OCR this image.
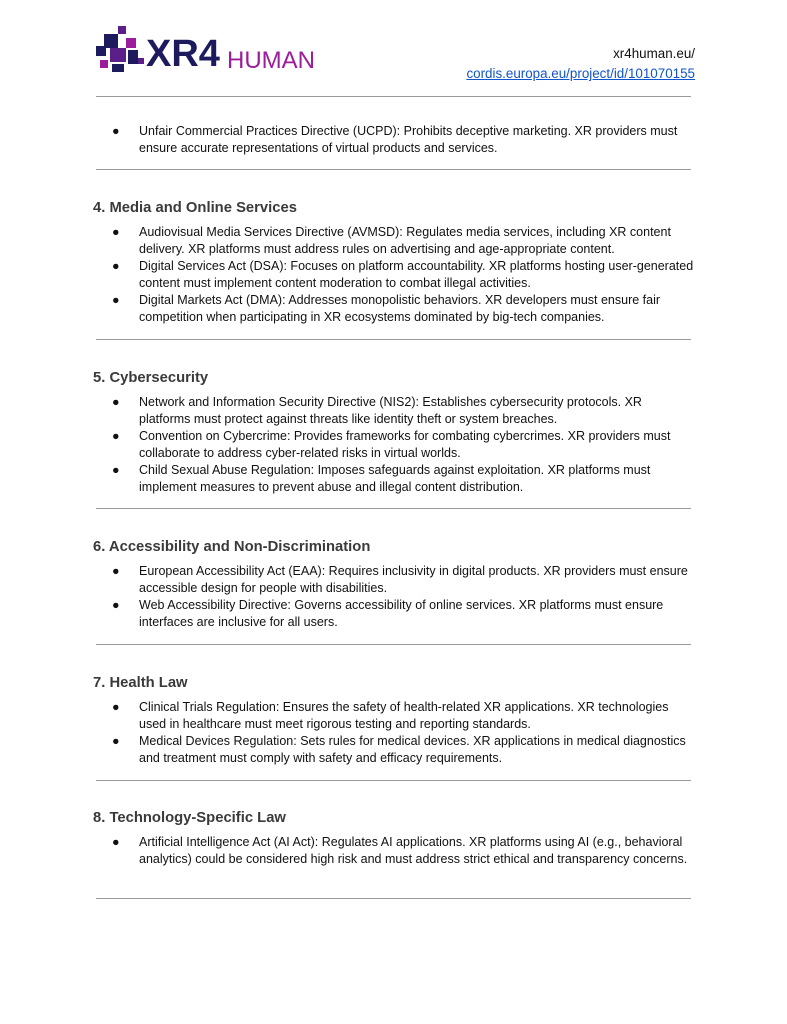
XR4 HUMAN	xr4human.eu/
cordis.europa.eu/project/id/101070155
● Unfair Commercial Practices Directive (UCPD): Prohibits deceptive marketing. XR providers must ensure accurate representations of virtual products and services.
4. Media and Online Services
● Audiovisual Media Services Directive (AVMSD): Regulates media services, including XR content delivery. XR platforms must address rules on advertising and age-appropriate content.
● Digital Services Act (DSA): Focuses on platform accountability. XR platforms hosting user-generated content must implement content moderation to combat illegal activities.
● Digital Markets Act (DMA): Addresses monopolistic behaviors. XR developers must ensure fair competition when participating in XR ecosystems dominated by big-tech companies.
5. Cybersecurity
● Network and Information Security Directive (NIS2): Establishes cybersecurity protocols. XR platforms must protect against threats like identity theft or system breaches.
● Convention on Cybercrime: Provides frameworks for combating cybercrimes. XR providers must collaborate to address cyber-related risks in virtual worlds.
● Child Sexual Abuse Regulation: Imposes safeguards against exploitation. XR platforms must implement measures to prevent abuse and illegal content distribution.
6. Accessibility and Non-Discrimination
● European Accessibility Act (EAA): Requires inclusivity in digital products. XR providers must ensure accessible design for people with disabilities.
● Web Accessibility Directive: Governs accessibility of online services. XR platforms must ensure interfaces are inclusive for all users.
7. Health Law
● Clinical Trials Regulation: Ensures the safety of health-related XR applications. XR technologies used in healthcare must meet rigorous testing and reporting standards.
● Medical Devices Regulation: Sets rules for medical devices. XR applications in medical diagnostics and treatment must comply with safety and efficacy requirements.
8. Technology-Specific Law
● Artificial Intelligence Act (AI Act): Regulates AI applications. XR platforms using AI (e.g., behavioral analytics) could be considered high risk and must address strict ethical and transparency concerns.
